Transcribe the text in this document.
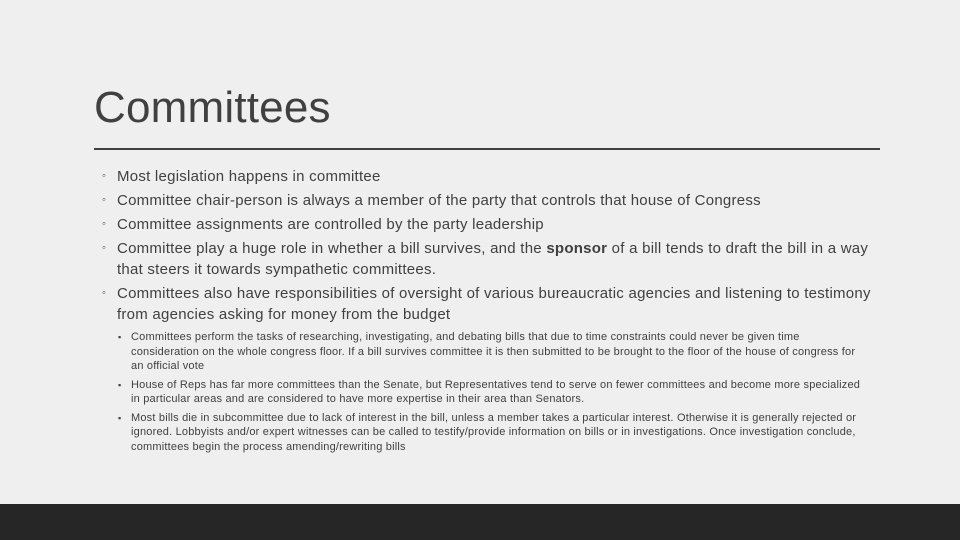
Committees
◦ Most legislation happens in committee
◦ Committee chair-person is always a member of the party that controls that house of Congress
◦ Committee assignments are controlled by the party leadership
◦ Committee play a huge role in whether a bill survives, and the sponsor of a bill tends to draft the bill in a way that steers it towards sympathetic committees.
◦ Committees also have responsibilities of oversight of various bureaucratic agencies and listening to testimony from agencies asking for money from the budget
▪ Committees perform the tasks of researching, investigating, and debating bills that due to time constraints could never be given time consideration on the whole congress floor. If a bill survives committee it is then submitted to be brought to the floor of the house of congress for an official vote
▪ House of Reps has far more committees than the Senate, but Representatives tend to serve on fewer committees and become more specialized in particular areas and are considered to have more expertise in their area than Senators.
▪ Most bills die in subcommittee due to lack of interest in the bill, unless a member takes a particular interest. Otherwise it is generally rejected or ignored. Lobbyists and/or expert witnesses can be called to testify/provide information on bills or in investigations. Once investigation conclude, committees begin the process amending/rewriting bills
